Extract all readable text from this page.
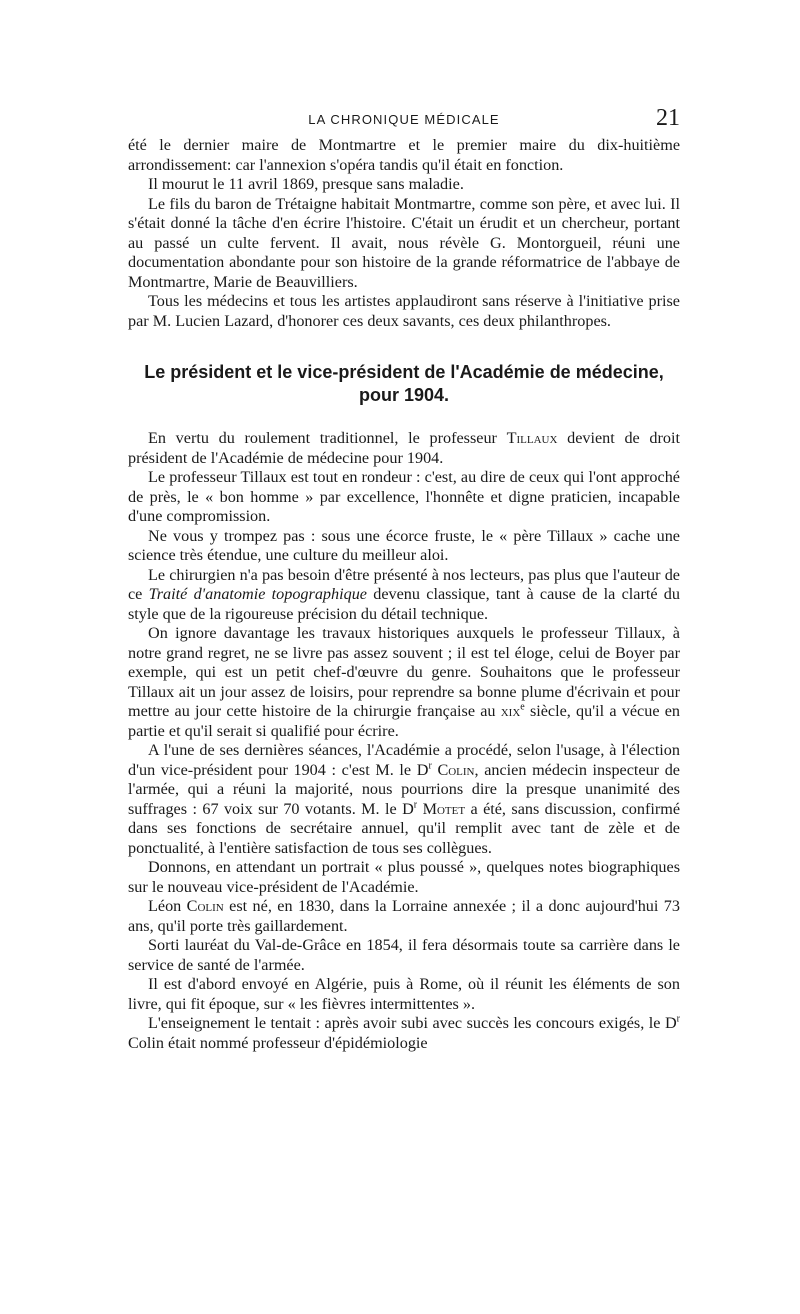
LA CHRONIQUE MÉDICALE	21

été le dernier maire de Montmartre et le premier maire du dix-huitième arrondissement: car l'annexion s'opéra tandis qu'il était en fonction.

Il mourut le 11 avril 1869, presque sans maladie.

Le fils du baron de Trétaigne habitait Montmartre, comme son père, et avec lui. Il s'était donné la tâche d'en écrire l'histoire. C'était un érudit et un chercheur, portant au passé un culte fervent. Il avait, nous révèle G. Montorgueil, réuni une documentation abondante pour son histoire de la grande réformatrice de l'abbaye de Montmartre, Marie de Beauvilliers.

Tous les médecins et tous les artistes applaudiront sans réserve à l'initiative prise par M. Lucien Lazard, d'honorer ces deux savants, ces deux philanthropes.

Le président et le vice-président de l'Académie de médecine, pour 1904.

En vertu du roulement traditionnel, le professeur Tillaux devient de droit président de l'Académie de médecine pour 1904.

Le professeur Tillaux est tout en rondeur : c'est, au dire de ceux qui l'ont approché de près, le « bon homme » par excellence, l'honnête et digne praticien, incapable d'une compromission.

Ne vous y trompez pas : sous une écorce fruste, le « père Tillaux » cache une science très étendue, une culture du meilleur aloi.

Le chirurgien n'a pas besoin d'être présenté à nos lecteurs, pas plus que l'auteur de ce Traité d'anatomie topographique devenu classique, tant à cause de la clarté du style que de la rigoureuse précision du détail technique.

On ignore davantage les travaux historiques auxquels le professeur Tillaux, à notre grand regret, ne se livre pas assez souvent ; il est tel éloge, celui de Boyer par exemple, qui est un petit chef-d'œuvre du genre. Souhaitons que le professeur Tillaux ait un jour assez de loisirs, pour reprendre sa bonne plume d'écrivain et pour mettre au jour cette histoire de la chirurgie française au xix$^e$ siècle, qu'il a vécue en partie et qu'il serait si qualifié pour écrire.

A l'une de ses dernières séances, l'Académie a procédé, selon l'usage, à l'élection d'un vice-président pour 1904 : c'est M. le $D^r$ Colin, ancien médecin inspecteur de l'armée, qui a réuni la majorité, nous pourrions dire la presque unanimité des suffrages : 67 voix sur 70 votants. M. le $D^r$ Motet a été, sans discussion, confirmé dans ses fonctions de secrétaire annuel, qu'il remplit avec tant de zèle et de ponctualité, à l'entière satisfaction de tous ses collègues.

Donnons, en attendant un portrait « plus poussé », quelques notes biographiques sur le nouveau vice-président de l'Académie.

Léon Colin est né, en 1830, dans la Lorraine annexée ; il a donc aujourd'hui 73 ans, qu'il porte très gaillardement.

Sorti lauréat du Val-de-Grâce en 1854, il fera désormais toute sa carrière dans le service de santé de l'armée.

Il est d'abord envoyé en Algérie, puis à Rome, où il réunit les éléments de son livre, qui fit époque, sur « les fièvres intermittentes ».

L'enseignement le tentait : après avoir subi avec succès les concours exigés, le $D^r$ Colin était nommé professeur d'épidémiologie
